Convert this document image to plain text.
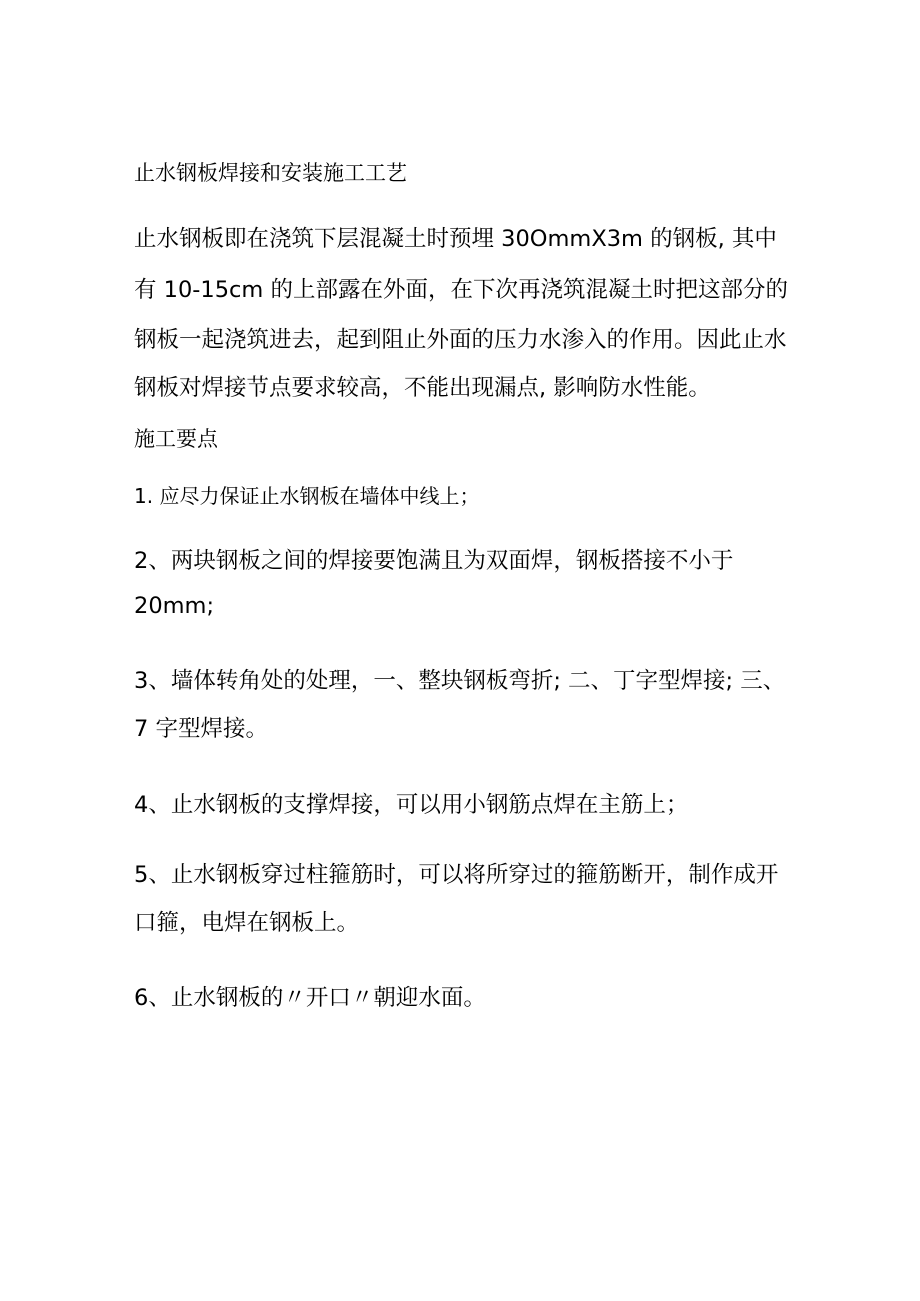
止水钢板焊接和安装施工工艺
止水钢板即在浇筑下层混凝土时预埋 30OmmX3m 的钢板, 其中
有 10-15cm 的上部露在外面，在下次再浇筑混凝土时把这部分的
钢板一起浇筑进去，起到阻止外面的压力水渗入的作用。因此止水
钢板对焊接节点要求较高，不能出现漏点, 影响防水性能。
施工要点
1. 应尽力保证止水钢板在墙体中线上；
2、两块钢板之间的焊接要饱满且为双面焊，钢板搭接不小于
20mm;
3、墙体转角处的处理，一、整块钢板弯折; 二、丁字型焊接; 三、
7 字型焊接。
4、止水钢板的支撑焊接，可以用小钢筋点焊在主筋上；
5、止水钢板穿过柱箍筋时，可以将所穿过的箍筋断开，制作成开
口箍，电焊在钢板上。
6、止水钢板的〃开口〃朝迎水面。
